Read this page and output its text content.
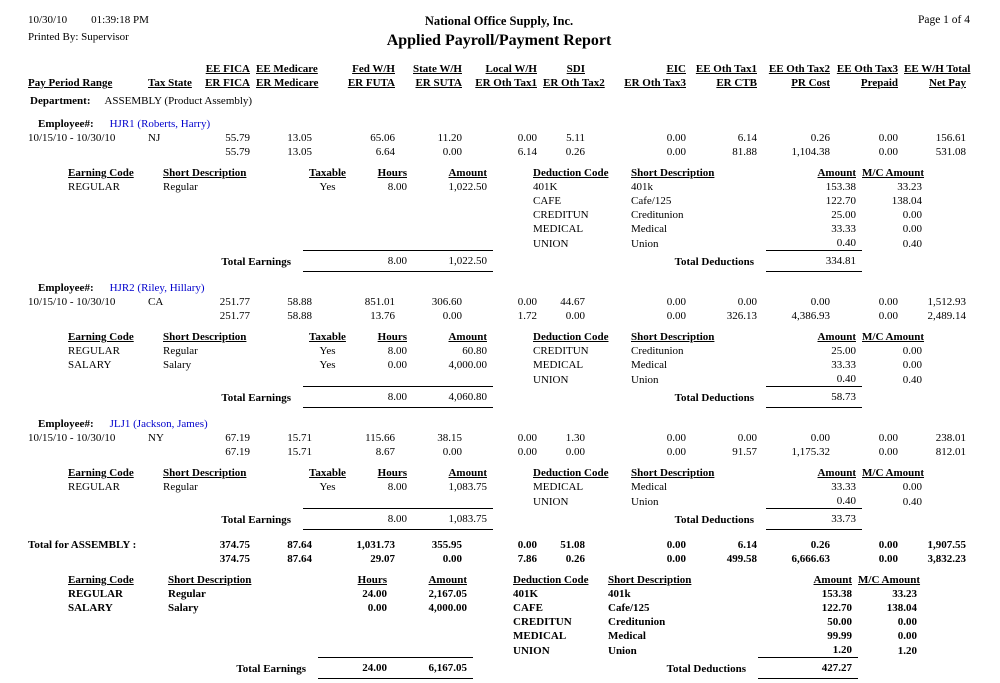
10/30/10 01:39:18 PM
Printed By: Supervisor
National Office Supply, Inc.
Applied Payroll/Payment Report
Page 1 of 4
		EE FICA	EE Medicare	Fed W/H	State W/H	Local W/H	SDI	EIC	EE Oth Tax1	EE Oth Tax2	EE Oth Tax3	EE W/H Total
Pay Period Range	Tax State	ER FICA	ER Medicare	ER FUTA	ER SUTA	ER Oth Tax1	ER Oth Tax2	ER Oth Tax3	ER CTB	PR Cost	Prepaid	Net Pay
Department: ASSEMBLY (Product Assembly)
Employee#: HJR1 (Roberts, Harry)
10/15/10 - 10/30/10	NJ	55.79	13.05	65.06	11.20	0.00	5.11	0.00	6.14	0.26	0.00	156.61
		55.79	13.05	6.64	0.00	6.14	0.26	0.00	81.88	1,104.38	0.00	531.08
Earning Code	Short Description	Taxable	Hours	Amount		Deduction Code	Short Description	Amount	M/C Amount
REGULAR	Regular	Yes	8.00	1,022.50		401K	401k	153.38	33.23
						CAFE	Cafe/125	122.70	138.04
						CREDITUN	Creditunion	25.00	0.00
						MEDICAL	Medical	33.33	0.00
						UNION	Union	0.40	0.40
Total Earnings			8.00	1,022.50		Total Deductions		334.81	
Employee#: HJR2 (Riley, Hillary)
10/15/10 - 10/30/10	CA	251.77	58.88	851.01	306.60	0.00	44.67	0.00	0.00	0.00	0.00	1,512.93
		251.77	58.88	13.76	0.00	1.72	0.00	0.00	326.13	4,386.93	0.00	2,489.14
Earning Code	Short Description	Taxable	Hours	Amount		Deduction Code	Short Description	Amount	M/C Amount
REGULAR	Regular	Yes	8.00	60.80		CREDITUN	Creditunion	25.00	0.00
SALARY	Salary	Yes	0.00	4,000.00		MEDICAL	Medical	33.33	0.00
						UNION	Union	0.40	0.40
Total Earnings			8.00	4,060.80		Total Deductions		58.73	
Employee#: JLJ1 (Jackson, James)
10/15/10 - 10/30/10	NY	67.19	15.71	115.66	38.15	0.00	1.30	0.00	0.00	0.00	0.00	238.01
		67.19	15.71	8.67	0.00	0.00	0.00	0.00	91.57	1,175.32	0.00	812.01
Earning Code	Short Description	Taxable	Hours	Amount		Deduction Code	Short Description	Amount	M/C Amount
REGULAR	Regular	Yes	8.00	1,083.75		MEDICAL	Medical	33.33	0.00
						UNION	Union	0.40	0.40
Total Earnings			8.00	1,083.75		Total Deductions		33.73	
Total for ASSEMBLY :		374.75	87.64	1,031.73	355.95	0.00	51.08	0.00	6.14	0.26	0.00	1,907.55
		374.75	87.64	29.07	0.00	7.86	0.26	0.00	499.58	6,666.63	0.00	3,832.23
Earning Code	Short Description	Hours	Amount		Deduction Code	Short Description	Amount	M/C Amount
REGULAR	Regular	24.00	2,167.05		401K	401k	153.38	33.23
SALARY	Salary	0.00	4,000.00		CAFE	Cafe/125	122.70	138.04
					CREDITUN	Creditunion	50.00	0.00
					MEDICAL	Medical	99.99	0.00
					UNION	Union	1.20	1.20
Total Earnings		24.00	6,167.05		Total Deductions		427.27	
